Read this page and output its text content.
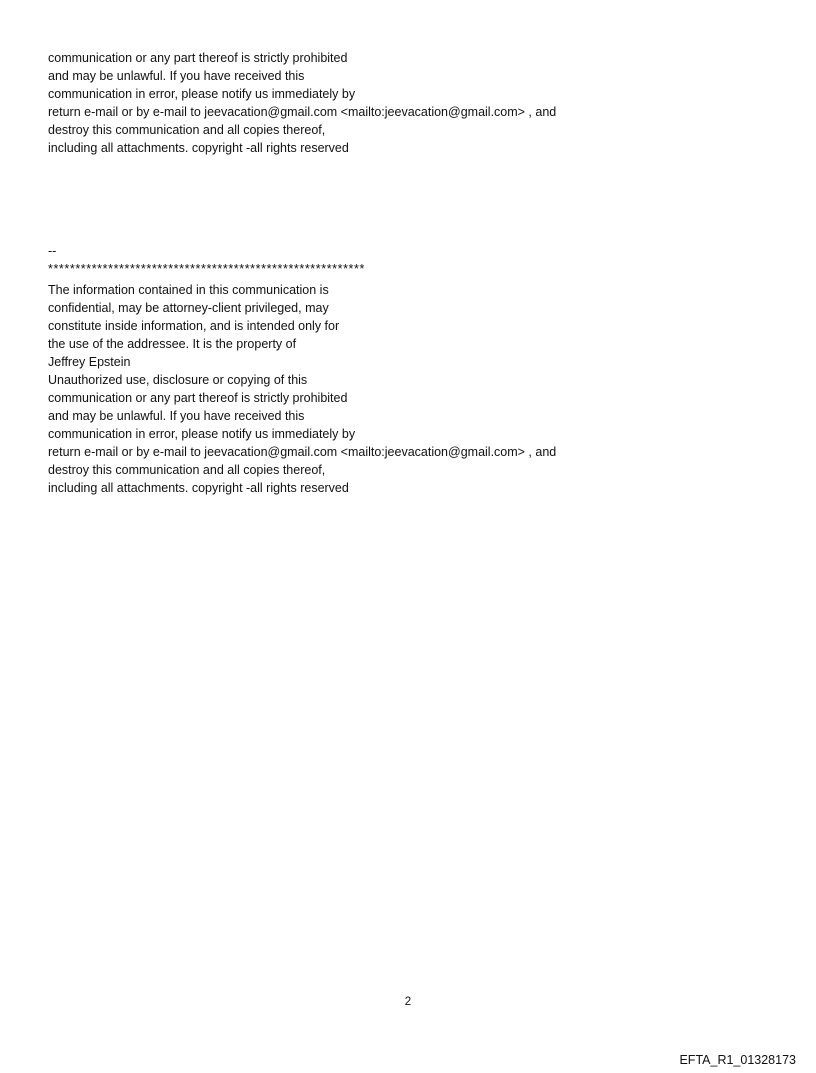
communication or any part thereof is strictly prohibited
and may be unlawful. If you have received this
communication in error, please notify us immediately by
return e-mail or by e-mail to jeevacation@gmail.com <mailto:jeevacation@gmail.com> , and
destroy this communication and all copies thereof,
including all attachments. copyright -all rights reserved
--
**********************************************************
The information contained in this communication is
confidential, may be attorney-client privileged, may
constitute inside information, and is intended only for
the use of the addressee. It is the property of
Jeffrey Epstein
Unauthorized use, disclosure or copying of this
communication or any part thereof is strictly prohibited
and may be unlawful. If you have received this
communication in error, please notify us immediately by
return e-mail or by e-mail to jeevacation@gmail.com <mailto:jeevacation@gmail.com> , and
destroy this communication and all copies thereof,
including all attachments. copyright -all rights reserved
2
EFTA_R1_01328173
